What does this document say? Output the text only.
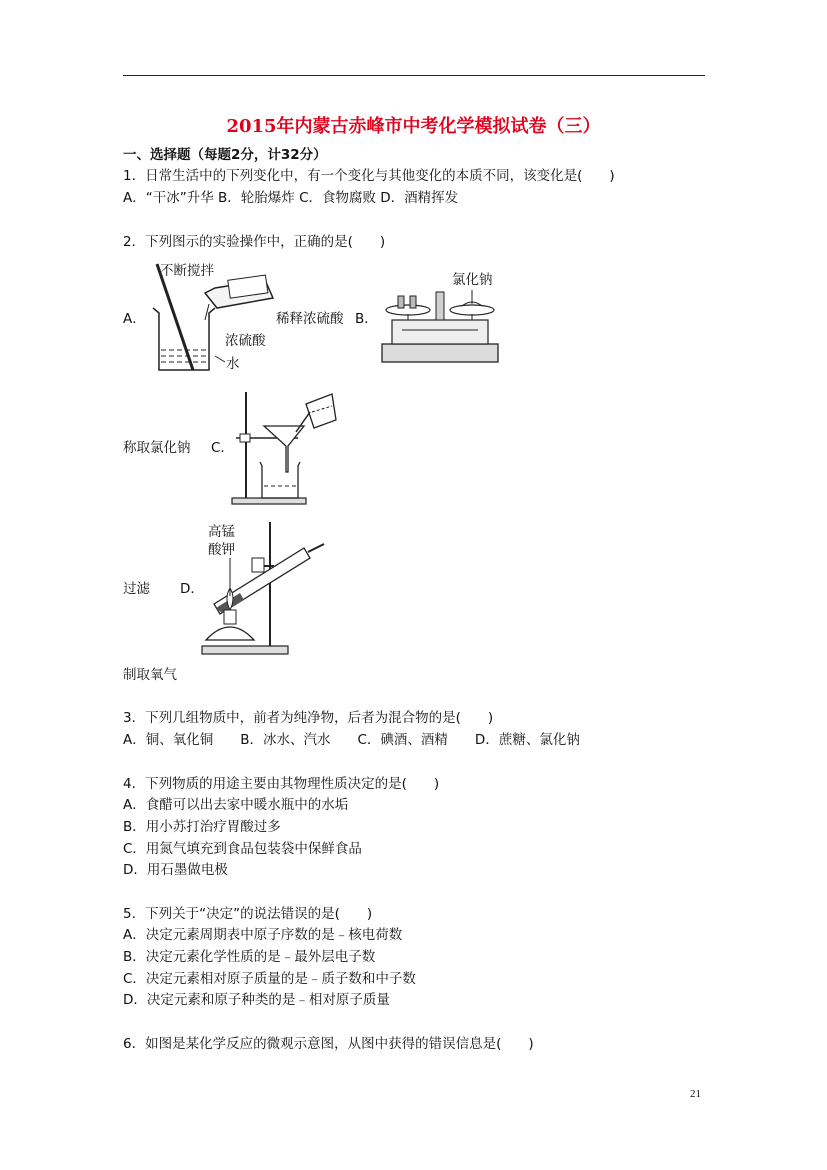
2015年内蒙古赤峰市中考化学模拟试卷（三）
一、选择题（每题2分，计32分）
1．日常生活中的下列变化中，有一个变化与其他变化的本质不同，该变化是(　　)
A．“干冰”升华 B．轮胎爆炸 C．食物腐败 D．酒精挥发
2．下列图示的实验操作中，正确的是(　　)
A．
不断搅拌
稀释浓硫酸
浓硫酸
水
B．
氯化钠
称取氯化钠 C．
过滤 D．
高锰
酸钾
制取氧气
3．下列几组物质中，前者为纯净物，后者为混合物的是(　　)
A．铜、氧化铜　　B．冰水、汽水　　C．碘酒、酒精　　D．蔗糖、氯化钠
4．下列物质的用途主要由其物理性质决定的是(　　)
A．食醋可以出去家中暖水瓶中的水垢
B．用小苏打治疗胃酸过多
C．用氮气填充到食品包装袋中保鲜食品
D．用石墨做电极
5．下列关于“决定”的说法错误的是(　　)
A．决定元素周期表中原子序数的是﹣核电荷数
B．决定元素化学性质的是﹣最外层电子数
C．决定元素相对原子质量的是﹣质子数和中子数
D．决定元素和原子种类的是﹣相对原子质量
6．如图是某化学反应的微观示意图，从图中获得的错误信息是(　　)
21
